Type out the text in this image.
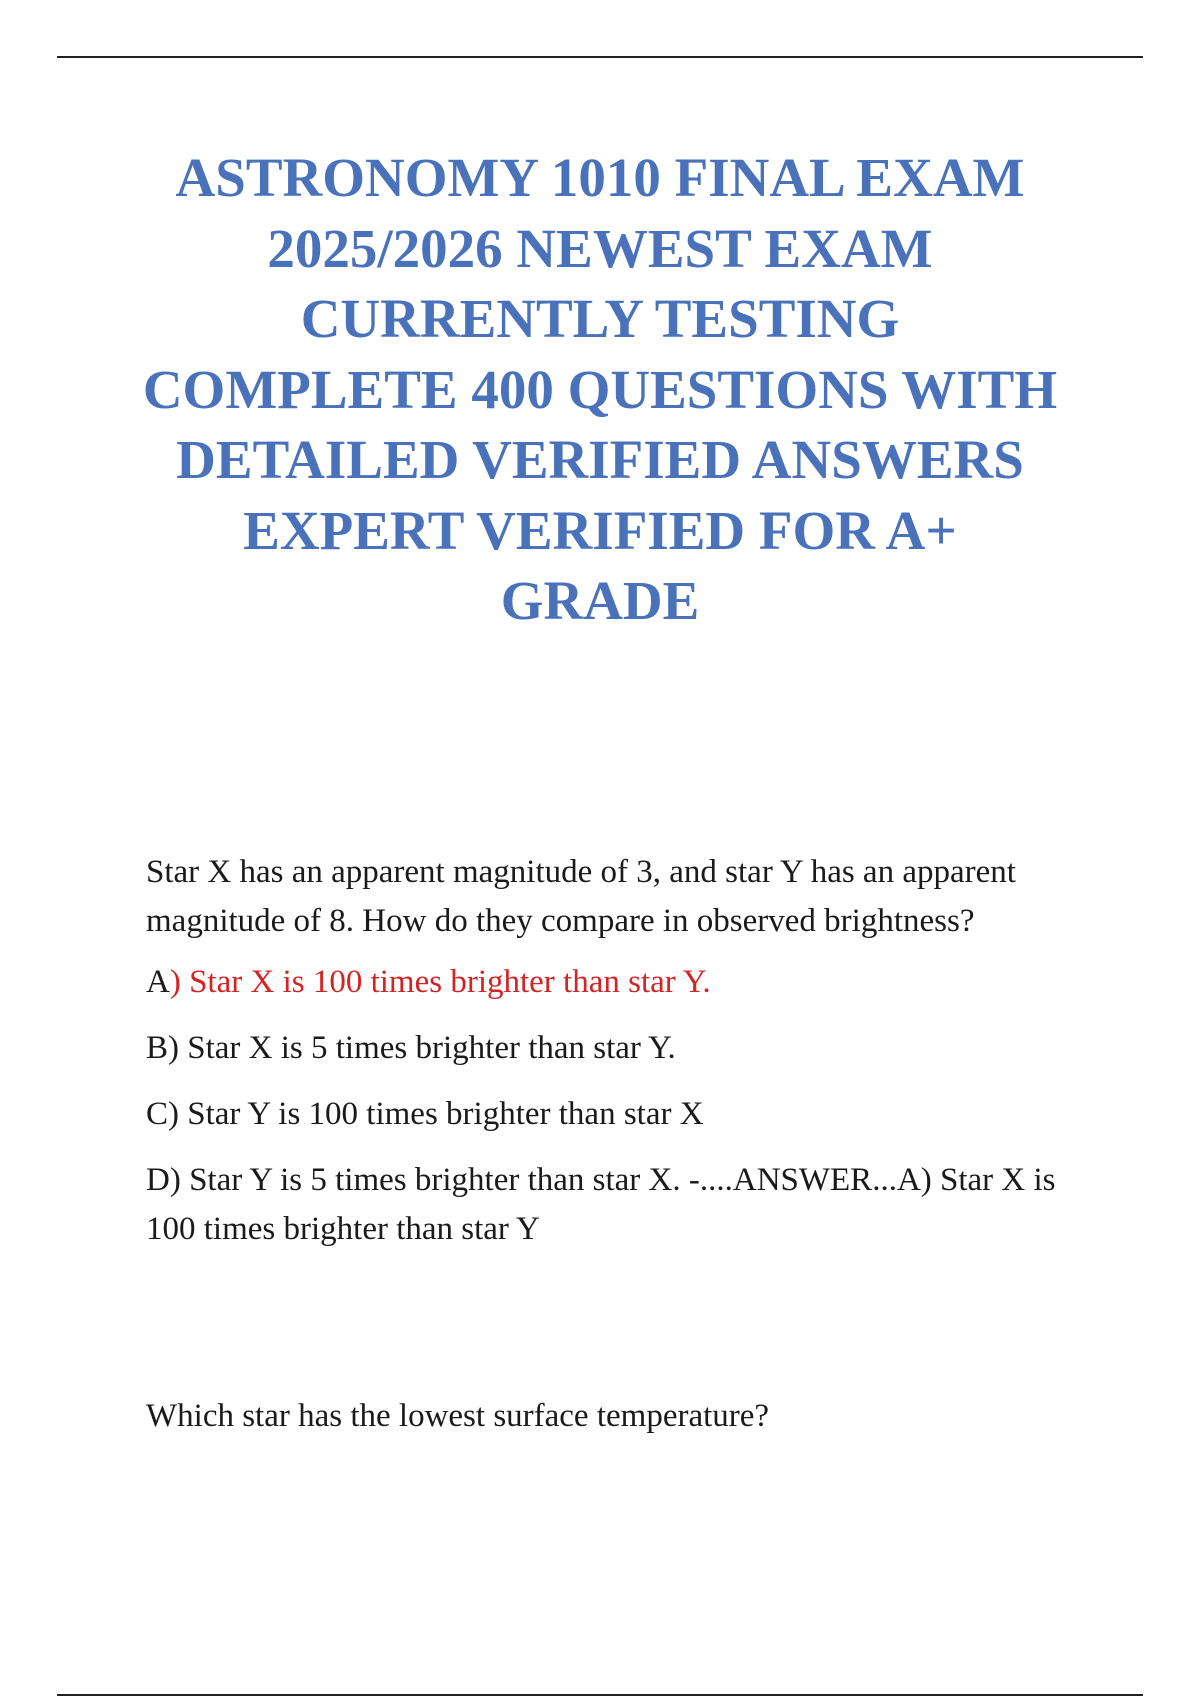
ASTRONOMY 1010 FINAL EXAM
2025/2026 NEWEST EXAM
CURRENTLY TESTING
COMPLETE 400 QUESTIONS WITH
DETAILED VERIFIED ANSWERS
EXPERT VERIFIED FOR A+
GRADE

Star X has an apparent magnitude of 3, and star Y has an apparent magnitude of 8. How do they compare in observed brightness?

A) Star X is 100 times brighter than star Y.

B) Star X is 5 times brighter than star Y.

C) Star Y is 100 times brighter than star X

D) Star Y is 5 times brighter than star X. -....ANSWER...A) Star X is 100 times brighter than star Y

Which star has the lowest surface temperature?
